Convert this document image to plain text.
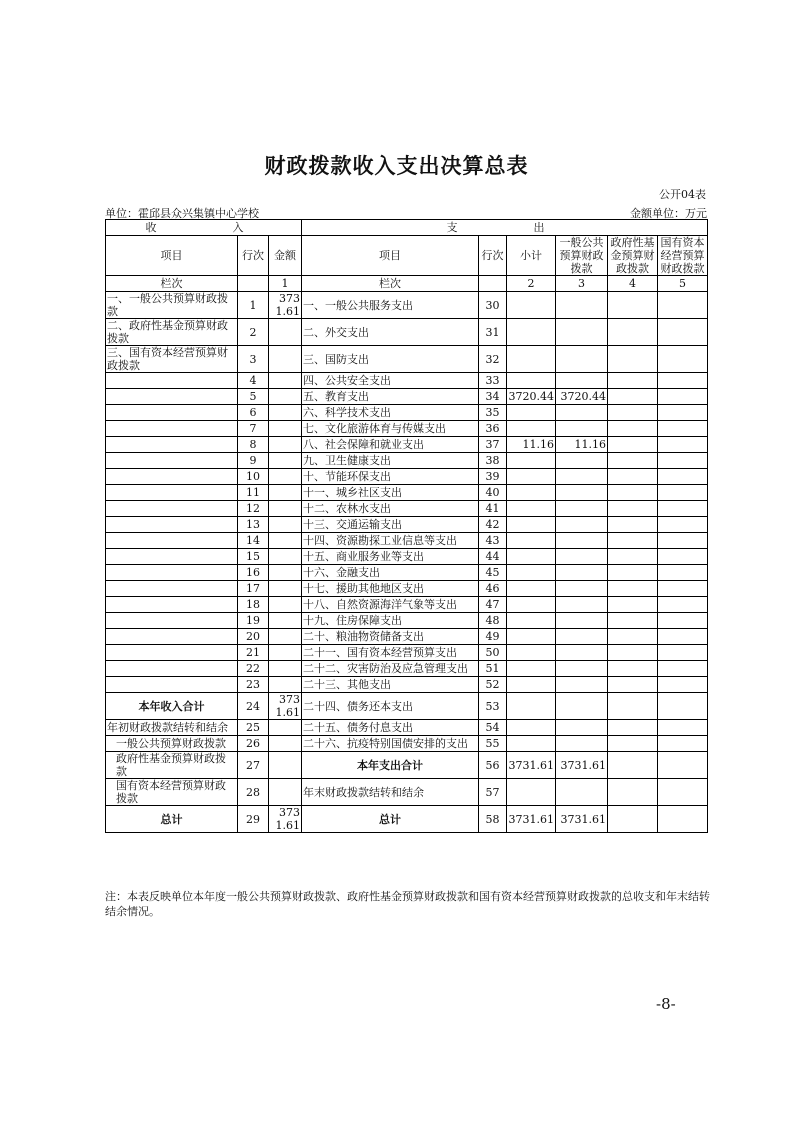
财政拨款收入支出决算总表
公开04表
单位：霍邱县众兴集镇中心学校	金额单位：万元
收　　入			支　　出					
项目	行次	金额	项目	行次	小计	一般公共预算财政拨款	政府性基金预算财政拨款	国有资本经营预算财政拨款
栏次		1	栏次		2	3	4	5
一、一般公共预算财政拨款	1	3731.61	一、一般公共服务支出	30				
二、政府性基金预算财政拨款	2		二、外交支出	31				
三、国有资本经营预算财政拨款	3		三、国防支出	32				
	4		四、公共安全支出	33				
	5		五、教育支出	34	3720.44	3720.44		
	6		六、科学技术支出	35				
	7		七、文化旅游体育与传媒支出	36				
	8		八、社会保障和就业支出	37	11.16	11.16		
	9		九、卫生健康支出	38				
	10		十、节能环保支出	39				
	11		十一、城乡社区支出	40				
	12		十二、农林水支出	41				
	13		十三、交通运输支出	42				
	14		十四、资源勘探工业信息等支出	43				
	15		十五、商业服务业等支出	44				
	16		十六、金融支出	45				
	17		十七、援助其他地区支出	46				
	18		十八、自然资源海洋气象等支出	47				
	19		十九、住房保障支出	48				
	20		二十、粮油物资储备支出	49				
	21		二十一、国有资本经营预算支出	50				
	22		二十二、灾害防治及应急管理支出	51				
	23		二十三、其他支出	52				
本年收入合计	24	3731.61	二十四、债务还本支出	53				
年初财政拨款结转和结余	25		二十五、债务付息支出	54				
一般公共预算财政拨款	26		二十六、抗疫特别国债安排的支出	55				
政府性基金预算财政拨款	27		本年支出合计	56	3731.61	3731.61		
国有资本经营预算财政拨款	28		年末财政拨款结转和结余	57				
总计	29	3731.61	总计	58	3731.61	3731.61		
注：本表反映单位本年度一般公共预算财政拨款、政府性基金预算财政拨款和国有资本经营预算财政拨款的总收支和年末结转结余情况。
-8-
